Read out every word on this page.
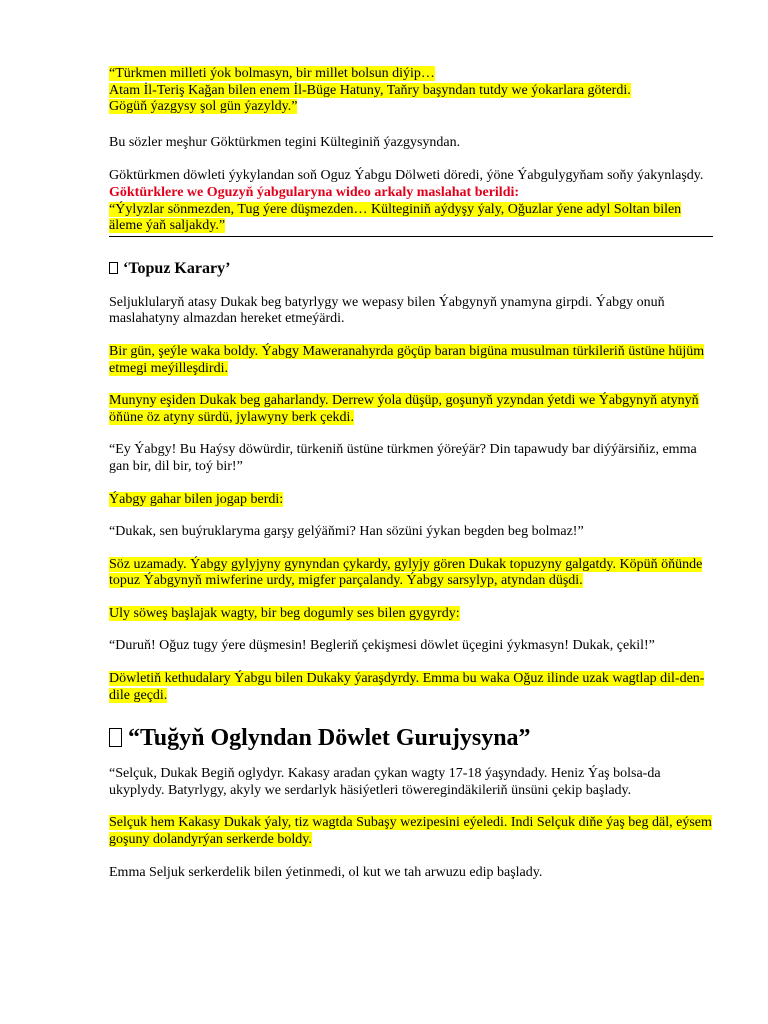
“Türkmen milleti ýok bolmasyn, bir millet bolsun diýip…
Atam İl-Teriş Kağan bilen enem İl-Büge Hatuny, Taňry başyndan tutdy we ýokarlara göterdi.
Gögüň ýazgysy şol gün ýazyldy.”

Bu sözler meşhur Göktürkmen tegini Külteginiň ýazgysyndan.

Göktürkmen döwleti ýykylandan soň Oguz Ýabgu Dölweti döredi, ýöne Ýabgulygyňam soňy ýakynlaşdy.

Göktürklere we Oguzyň ýabgularyna wideo arkaly maslahat berildi:

“Ýylyzlar sönmezden, Tug ýere düşmezden… Külteginiň aýdyşy ýaly, Oğuzlar ýene adyl Soltan bilen äleme ýaň saljakdy.”

‘Topuz Karary’

Seljuklularyň atasy Dukak beg batyrlygy we wepasy bilen Ýabgynyň ynamyna girpdi. Ýabgy onuň maslahatyny almazdan hereket etmeýärdi.

Bir gün, şeýle waka boldy. Ýabgy Maweranahyrda göçüp baran bigüna musulman türkileriň üstüne hüjüm etmegi meýilleşdirdi.

Munyny eşiden Dukak beg gaharlandy. Derrew ýola düşüp, goşunyň yzyndan ýetdi we Ýabgynyň atynyň öňüne öz atyny sürdü, jylawyny berk çekdi.

“Ey Ýabgy! Bu Haýsy döwürdir, türkeniň üstüne türkmen ýöreýär? Din tapawudy bar diýýärsiňiz, emma gan bir, dil bir, toý bir!”

Ýabgy gahar bilen jogap berdi:

“Dukak, sen buýruklaryma garşy gelýäňmi? Han sözüni ýykan begden beg bolmaz!”

Söz uzamady. Ýabgy gylyjyny gynyndan çykardy, gylyjy gören Dukak topuzyny galgatdy. Köpüň öňünde topuz Ýabgynyň miwferine urdy, migfer parçalandy. Ýabgy sarsylyp, atyndan düşdi.

Uly söweş başlajak wagty, bir beg dogumly ses bilen gygyrdy:

“Duruň! Oğuz tugy ýere düşmesin! Begleriň çekişmesi döwlet üçegini ýykmasyn! Dukak, çekil!”

Döwletiň kethudalary Ýabgu bilen Dukaky ýaraşdyrdy. Emma bu waka Oğuz ilinde uzak wagtlap dil-den-dile geçdi.

“Tuğyň Oglyndan Döwlet Gurujysyna”

“Selçuk, Dukak Begiň oglydyr. Kakasy aradan çykan wagty 17-18 ýaşyndady. Heniz Ýaş bolsa-da ukyplydy. Batyrlygy, akyly we serdarlyk häsiýetleri töweregindäkileriň ünsüni çekip başlady.

Selçuk hem Kakasy Dukak ýaly, tiz wagtda Subaşy wezipesini eýeledi. Indi Selçuk diňe ýaş beg däl, eýsem goşuny dolandyrýan serkerde boldy.

Emma Seljuk serkerdelik bilen ýetinmedi, ol kut we tah arwuzu edip başlady.
